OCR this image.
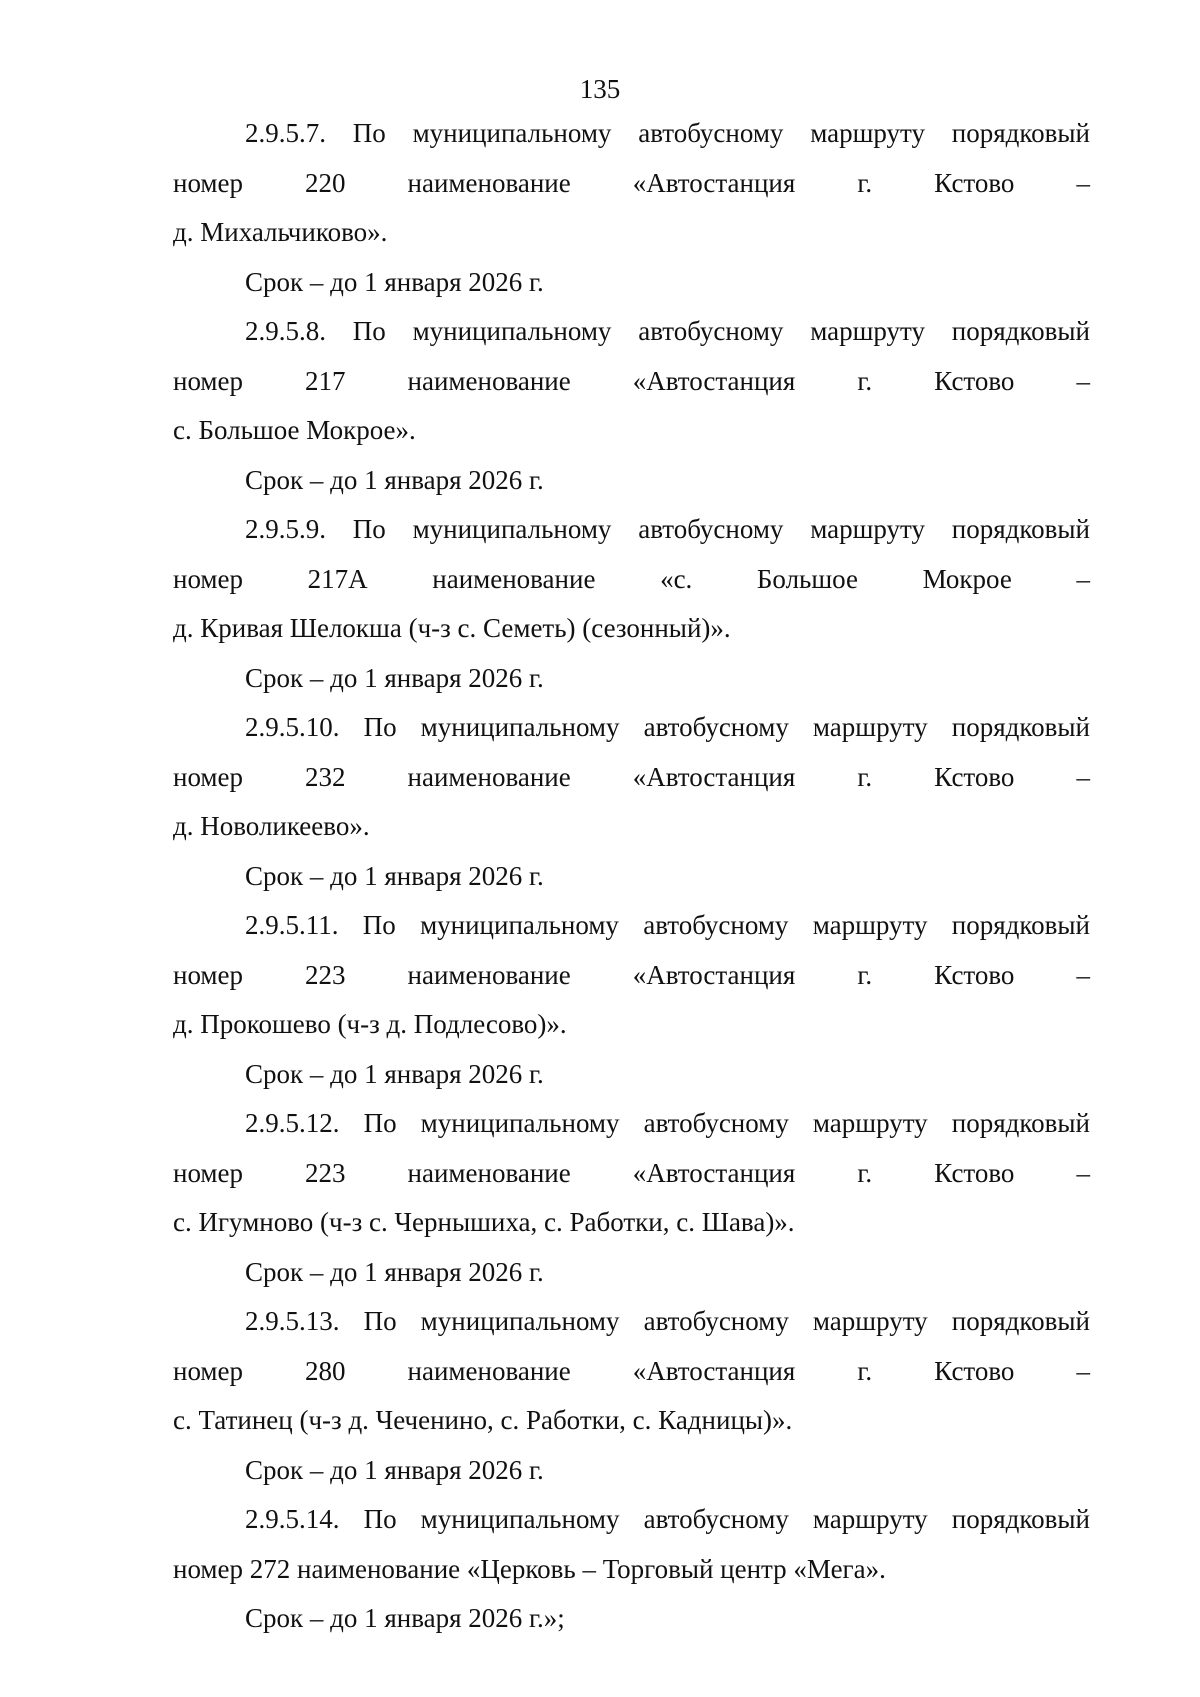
135
2.9.5.7. По муниципальному автобусному маршруту порядковый
номер 220 наименование «Автостанция г. Кстово –
д. Михальчиково».
Срок – до 1 января 2026 г.
2.9.5.8. По муниципальному автобусному маршруту порядковый
номер 217 наименование «Автостанция г. Кстово –
с. Большое Мокрое».
Срок – до 1 января 2026 г.
2.9.5.9. По муниципальному автобусному маршруту порядковый
номер 217А наименование «с. Большое Мокрое –
д. Кривая Шелокша (ч-з с. Семеть) (сезонный)».
Срок – до 1 января 2026 г.
2.9.5.10. По муниципальному автобусному маршруту порядковый
номер 232 наименование «Автостанция г. Кстово –
д. Новоликеево».
Срок – до 1 января 2026 г.
2.9.5.11. По муниципальному автобусному маршруту порядковый
номер 223 наименование «Автостанция г. Кстово –
д. Прокошево (ч-з д. Подлесово)».
Срок – до 1 января 2026 г.
2.9.5.12. По муниципальному автобусному маршруту порядковый
номер 223 наименование «Автостанция г. Кстово –
с. Игумново (ч-з с. Чернышиха, с. Работки, с. Шава)».
Срок – до 1 января 2026 г.
2.9.5.13. По муниципальному автобусному маршруту порядковый
номер 280 наименование «Автостанция г. Кстово –
с. Татинец (ч-з д. Чеченино, с. Работки, с. Кадницы)».
Срок – до 1 января 2026 г.
2.9.5.14. По муниципальному автобусному маршруту порядковый
номер 272 наименование «Церковь – Торговый центр «Мега».
Срок – до 1 января 2026 г.»;
